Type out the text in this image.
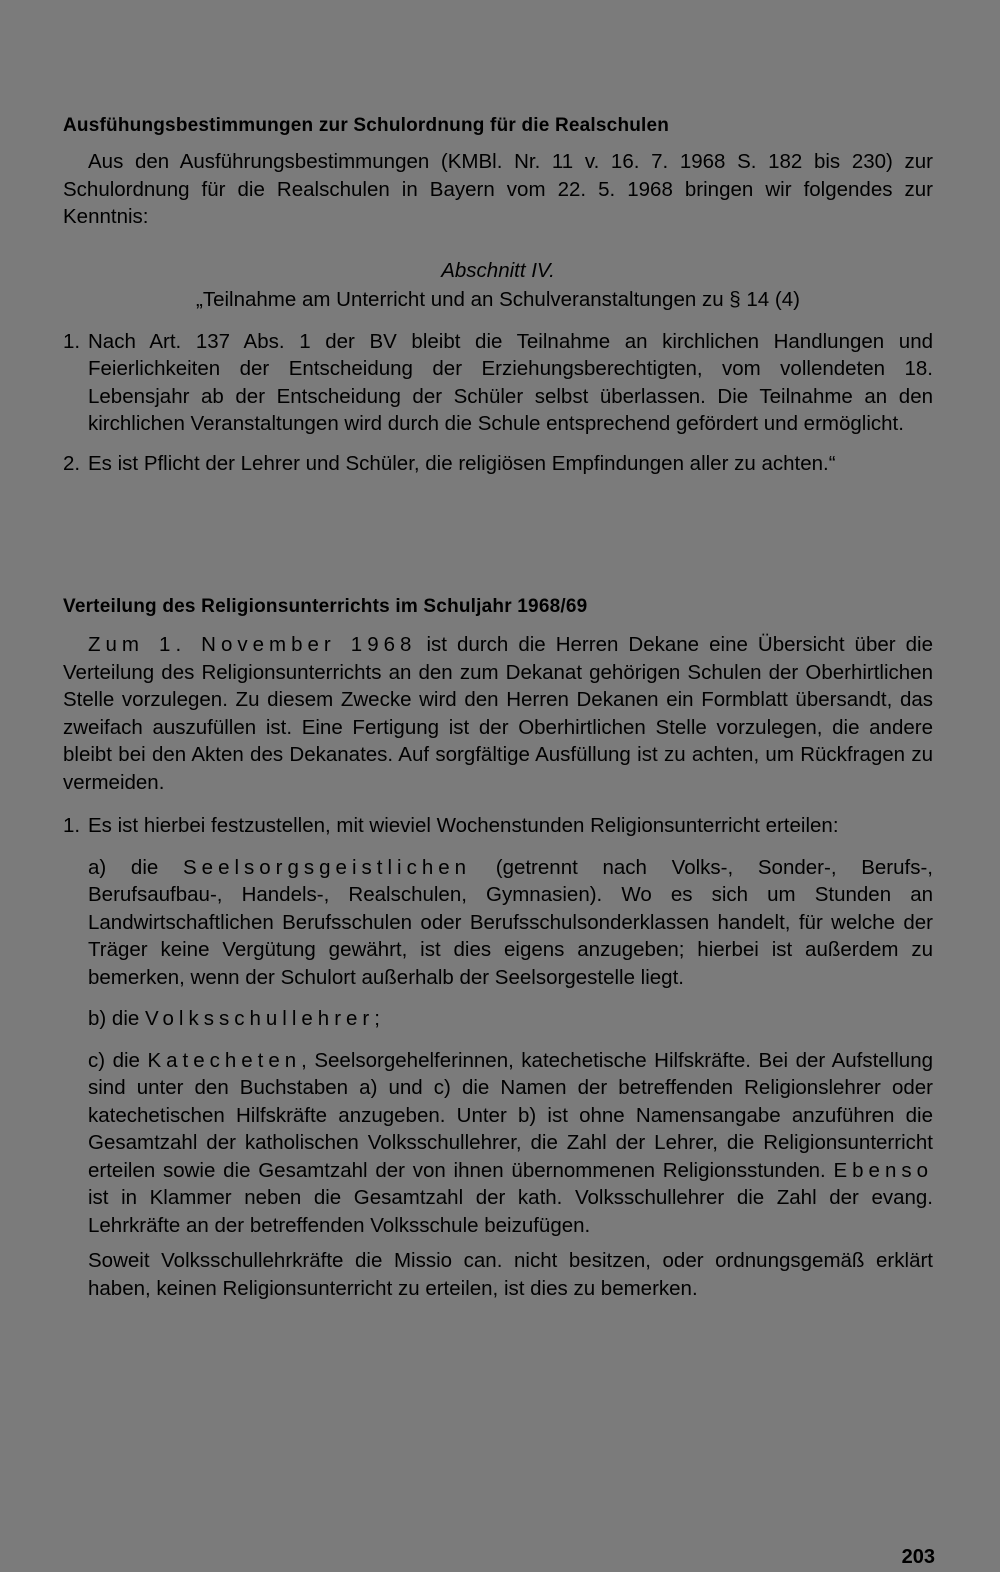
Ausfühungsbestimmungen zur Schulordnung für die Realschulen
Aus den Ausführungsbestimmungen (KMBl. Nr. 11 v. 16. 7. 1968 S. 182 bis 230) zur Schulordnung für die Realschulen in Bayern vom 22. 5. 1968 bringen wir folgendes zur Kenntnis:
Abschnitt IV.
„Teilnahme am Unterricht und an Schulveranstaltungen zu § 14 (4)
1. Nach Art. 137 Abs. 1 der BV bleibt die Teilnahme an kirchlichen Handlungen und Feierlichkeiten der Entscheidung der Erziehungsberechtigten, vom vollendeten 18. Lebensjahr ab der Entscheidung der Schüler selbst überlassen. Die Teilnahme an den kirchlichen Veranstaltungen wird durch die Schule entsprechend gefördert und ermöglicht.
2. Es ist Pflicht der Lehrer und Schüler, die religiösen Empfindungen aller zu achten.“
Verteilung des Religionsunterrichts im Schuljahr 1968/69
Zum 1. November 1968 ist durch die Herren Dekane eine Übersicht über die Verteilung des Religionsunterrichts an den zum Dekanat gehörigen Schulen der Oberhirtlichen Stelle vorzulegen. Zu diesem Zwecke wird den Herren Dekanen ein Formblatt übersandt, das zweifach auszufüllen ist. Eine Fertigung ist der Oberhirtlichen Stelle vorzulegen, die andere bleibt bei den Akten des Dekanates. Auf sorgfältige Ausfüllung ist zu achten, um Rückfragen zu vermeiden.
1. Es ist hierbei festzustellen, mit wieviel Wochenstunden Religionsunterricht erteilen:
a) die Seelsorgsgeistlichen (getrennt nach Volks-, Sonder-, Berufs-, Berufsaufbau-, Handels-, Realschulen, Gymnasien). Wo es sich um Stunden an Landwirtschaftlichen Berufsschulen oder Berufsschulsonderklassen handelt, für welche der Träger keine Vergütung gewährt, ist dies eigens anzugeben; hierbei ist außerdem zu bemerken, wenn der Schulort außerhalb der Seelsorgestelle liegt.
b) die Volksschullehrer;
c) die Katecheten, Seelsorgehelferinnen, katechetische Hilfskräfte. Bei der Aufstellung sind unter den Buchstaben a) und c) die Namen der betreffenden Religionslehrer oder katechetischen Hilfskräfte anzugeben. Unter b) ist ohne Namensangabe anzuführen die Gesamtzahl der katholischen Volksschullehrer, die Zahl der Lehrer, die Religionsunterricht erteilen sowie die Gesamtzahl der von ihnen übernommenen Religionsstunden. Ebenso ist in Klammer neben die Gesamtzahl der kath. Volksschullehrer die Zahl der evang. Lehrkräfte an der betreffenden Volksschule beizufügen.
Soweit Volksschullehrkräfte die Missio can. nicht besitzen, oder ordnungsgemäß erklärt haben, keinen Religionsunterricht zu erteilen, ist dies zu bemerken.
203
